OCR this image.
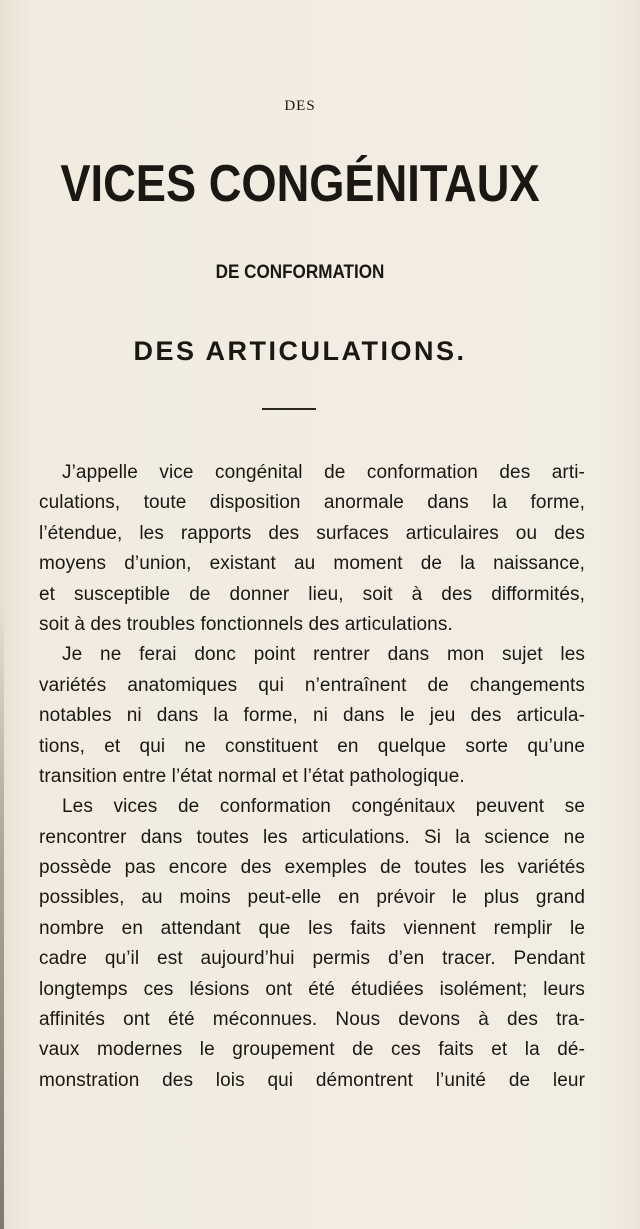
DES
VICES CONGÉNITAUX
DE CONFORMATION
DES ARTICULATIONS.
J’appelle vice congénital de conformation des arti-
culations, toute disposition anormale dans la forme,
l’étendue, les rapports des surfaces articulaires ou des
moyens d’union, existant au moment de la naissance,
et susceptible de donner lieu, soit à des difformités,
soit à des troubles fonctionnels des articulations.
Je ne ferai donc point rentrer dans mon sujet les
variétés anatomiques qui n’entraînent de changements
notables ni dans la forme, ni dans le jeu des articula-
tions, et qui ne constituent en quelque sorte qu’une
transition entre l’état normal et l’état pathologique.
Les vices de conformation congénitaux peuvent se
rencontrer dans toutes les articulations. Si la science ne
possède pas encore des exemples de toutes les variétés
possibles, au moins peut-elle en prévoir le plus grand
nombre en attendant que les faits viennent remplir le
cadre qu’il est aujourd’hui permis d’en tracer. Pendant
longtemps ces lésions ont été étudiées isolément; leurs
affinités ont été méconnues. Nous devons à des tra-
vaux modernes le groupement de ces faits et la dé-
monstration des lois qui démontrent l’unité de leur
